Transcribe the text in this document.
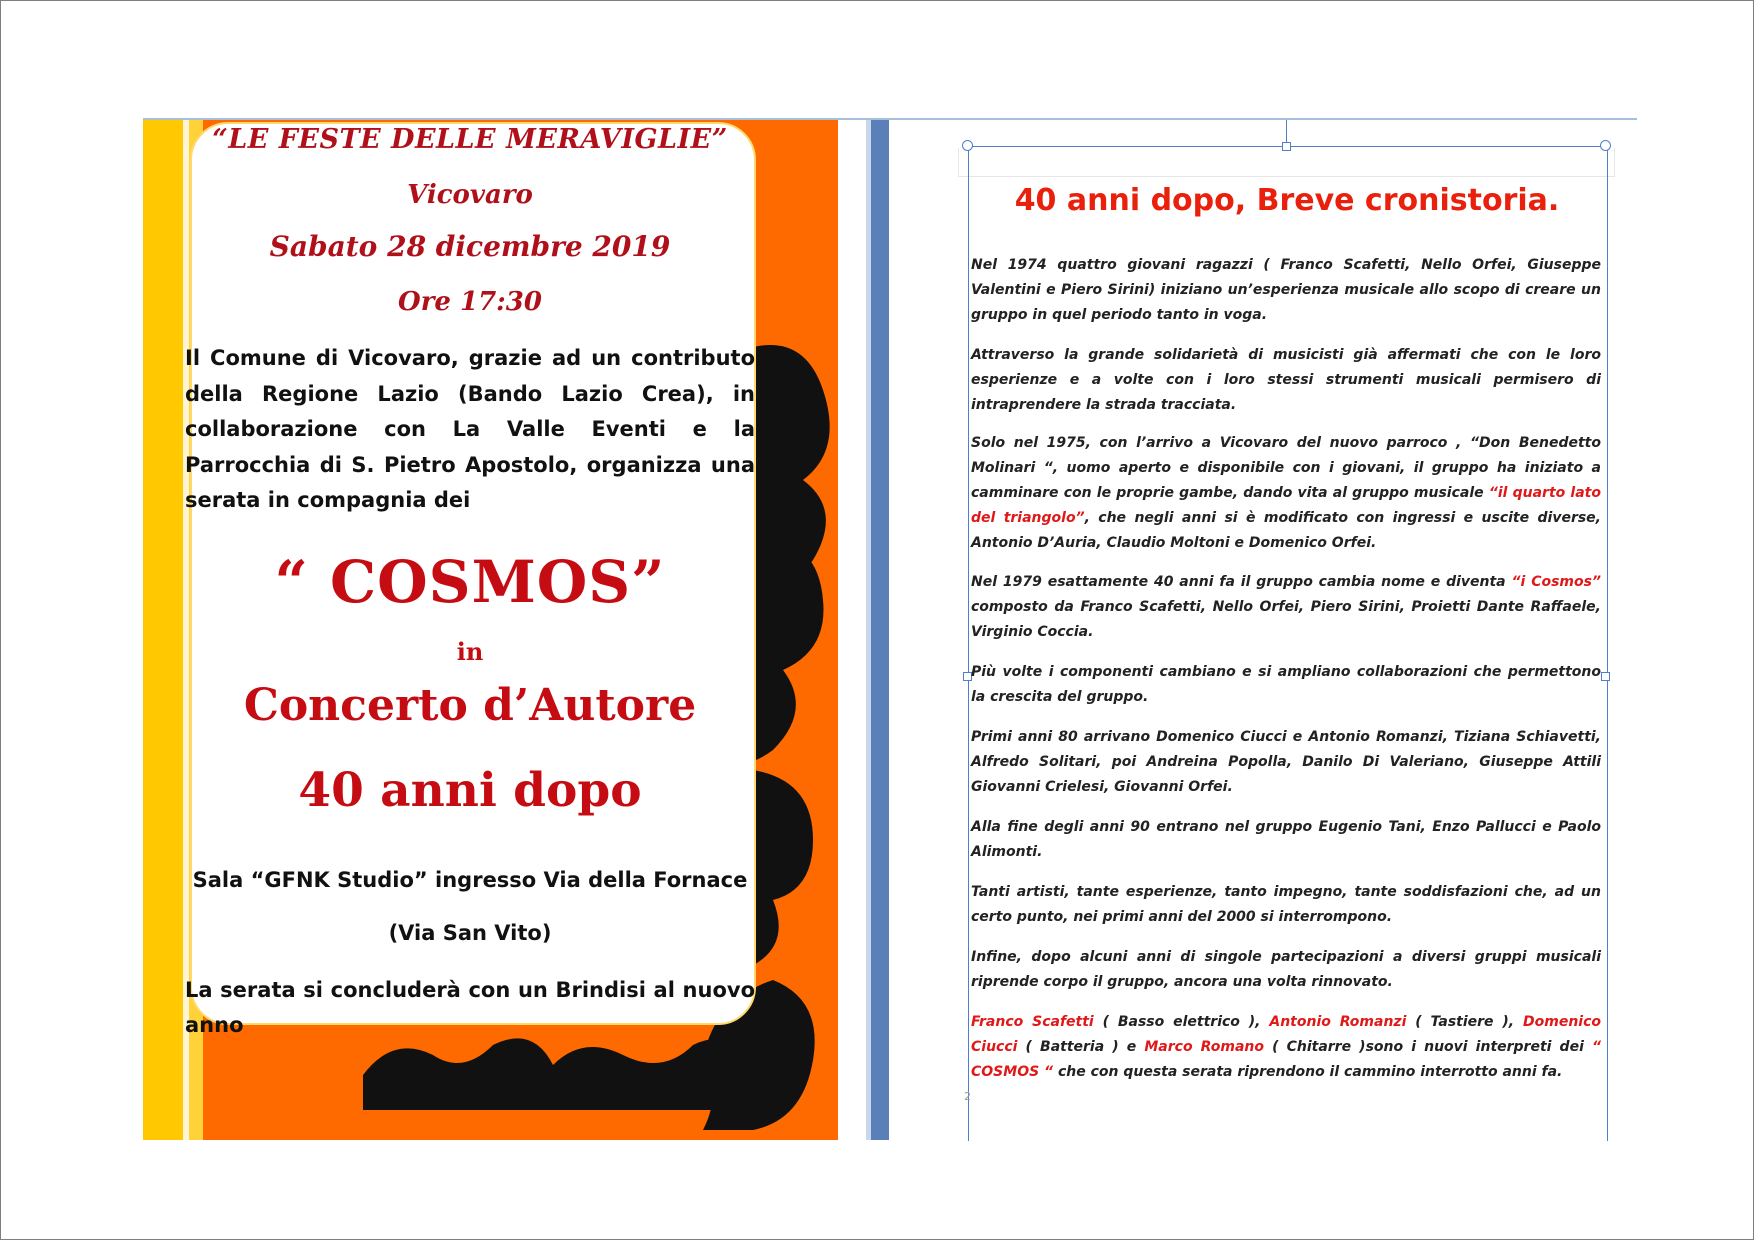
“LE FESTE DELLE MERAVIGLIE”

Vicovaro

Sabato 28 dicembre 2019

Ore 17:30

Il Comune di Vicovaro, grazie ad un contributo della Regione Lazio (Bando Lazio Crea), in collaborazione con La Valle Eventi e la Parrocchia di S. Pietro Apostolo, organizza una serata in compagnia dei

“ COSMOS”

in

Concerto d’Autore

40 anni dopo

Sala “GFNK Studio” ingresso Via della Fornace

(Via San Vito)

La serata si concluderà con un Brindisi al nuovo anno

40 anni dopo, Breve cronistoria.

Nel 1974 quattro giovani ragazzi ( Franco Scafetti, Nello Orfei, Giuseppe Valentini e Piero Sirini) iniziano un’esperienza musicale allo scopo di creare un gruppo in quel periodo tanto in voga.

Attraverso la grande solidarietà di musicisti già affermati che con le loro esperienze e a volte con i loro stessi strumenti musicali permisero di intraprendere la strada tracciata.

Solo nel 1975, con l’arrivo a Vicovaro del nuovo parroco , “Don Benedetto Molinari “, uomo aperto e disponibile con i giovani, il gruppo ha iniziato a camminare con le proprie gambe, dando vita al gruppo musicale “il quarto lato del triangolo”, che negli anni si è modificato con ingressi e uscite diverse, Antonio D’Auria, Claudio Moltoni e Domenico Orfei.

Nel 1979 esattamente 40 anni fa il gruppo cambia nome e diventa “i Cosmos” composto da Franco Scafetti, Nello Orfei, Piero Sirini, Proietti Dante Raffaele, Virginio Coccia.

Più volte i componenti cambiano e si ampliano collaborazioni che permettono la crescita del gruppo.

Primi anni 80 arrivano Domenico Ciucci e Antonio Romanzi, Tiziana Schiavetti, Alfredo Solitari, poi Andreina Popolla, Danilo Di Valeriano, Giuseppe Attili Giovanni Crielesi, Giovanni Orfei.

Alla fine degli anni 90 entrano nel gruppo Eugenio Tani, Enzo Pallucci e Paolo Alimonti.

Tanti artisti, tante esperienze, tanto impegno, tante soddisfazioni che, ad un certo punto, nei primi anni del 2000 si interrompono.

Infine, dopo alcuni anni di singole partecipazioni a diversi gruppi musicali riprende corpo il gruppo, ancora una volta rinnovato.

Franco Scafetti ( Basso elettrico ), Antonio Romanzi ( Tastiere ), Domenico Ciucci ( Batteria ) e Marco Romano ( Chitarre )sono i nuovi interpreti dei “ COSMOS “ che con questa serata riprendono il cammino interrotto anni fa.

2
